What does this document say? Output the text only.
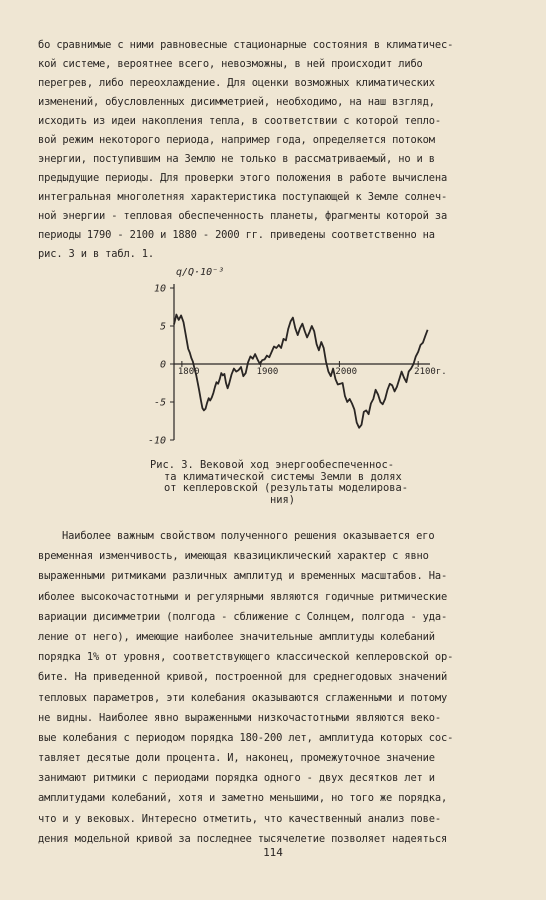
бо сравнимые с ними равновесные стационарные состояния в климатичес-
кой системе, вероятнее всего, невозможны, в ней происходит либо
перегрев, либо переохлаждение. Для оценки возможных климатических
изменений, обусловленных дисимметрией, необходимо, на наш взгляд,
исходить из идеи накопления тепла, в соответствии с которой тепло-
вой режим некоторого периода, например года, определяется потоком
энергии, поступившим на Землю не только в рассматриваемый, но и в
предыдущие периоды. Для проверки этого положения в работе вычислена
интегральная многолетняя характеристика поступающей к Земле солнеч-
ной энергии - тепловая обеспеченность планеты, фрагменты которой за
периоды 1790 - 2100 и 1880 - 2000 гг. приведены соответственно на
рис. 3 и в табл. 1.

q/Q·10⁻³
10
5
0
-5
-10
1800	1900	2000	2100г.

Рис. 3. Вековой ход энергообеспеченнос-
та климатической системы Земли в долях
от кеплеровской (результаты моделирова-
ния)

Наиболее важным свойством полученного решения оказывается его
временная изменчивость, имеющая квазициклический характер с явно
выраженными ритмиками различных амплитуд и временных масштабов. На-
иболее высокочастотными и регулярными являются годичные ритмические
вариации дисимметрии (полгода - сближение с Солнцем, полгода - уда-
ление от него), имеющие наиболее значительные амплитуды колебаний
порядка 1% от уровня, соответствующего классической кеплеровской ор-
бите. На приведенной кривой, построенной для среднегодовых значений
тепловых параметров, эти колебания оказываются сглаженными и потому
не видны. Наиболее явно выраженными низкочастотными являются веко-
вые колебания с периодом порядка 180-200 лет, амплитуда которых сос-
тавляет десятые доли процента. И, наконец, промежуточное значение
занимают ритмики с периодами порядка одного - двух десятков лет и
амплитудами колебаний, хотя и заметно меньшими, но того же порядка,
что и у вековых. Интересно отметить, что качественный анализ пове-
дения модельной кривой за последнее тысячелетие позволяет надеяться

114
